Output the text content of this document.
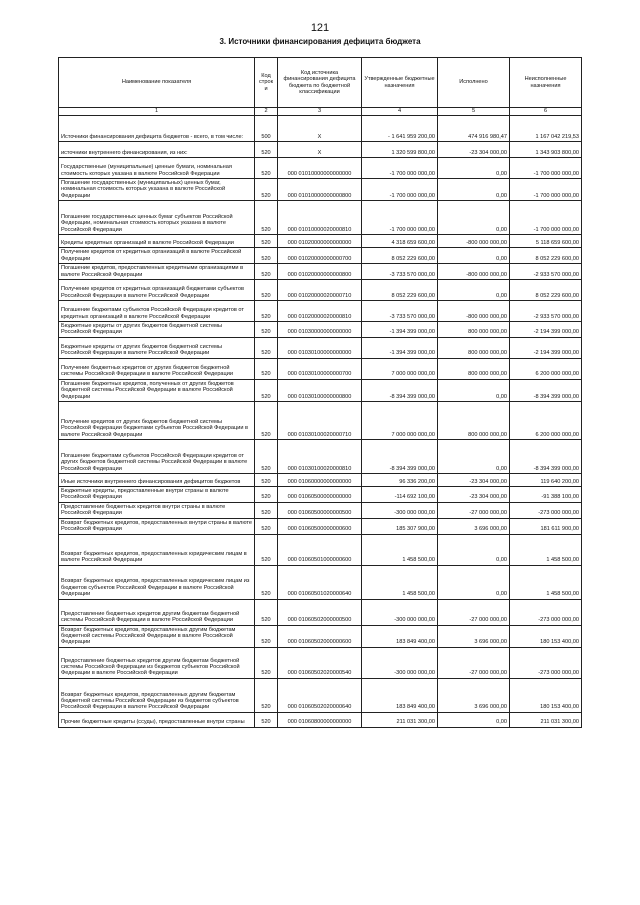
121
3. Источники финансирования дефицита бюджета
Наименование показателя	Код строк и	Код источника финансирования дефицита бюджета по бюджетной классификации	Утвержденные бюджетные назначения	Исполнено	Неисполненные назначения
1	2	3	4	5	6
Источники финансирования дефицита бюджетов - всего, в том числе:	500	X	- 1 641 959 200,00	474 916 980,47	1 167 042 219,53
источники внутреннего финансирования, из них:	520	X	1 320 599 800,00	-23 304 000,00	1 343 903 800,00
Государственные (муниципальные) ценные бумаги, номинальная стоимость которых указана в валюте Российской Федерации	520	000 01010000000000000	-1 700 000 000,00	0,00	-1 700 000 000,00
Погашение государственных (муниципальных) ценных бумаг, номинальная стоимость которых указана в валюте Российской Федерации	520	000 01010000000000800	-1 700 000 000,00	0,00	-1 700 000 000,00
Погашение государственных ценных бумаг субъектов Российской Федерации, номинальная стоимость которых указана в валюте Российской Федерации	520	000 01010000020000810	-1 700 000 000,00	0,00	-1 700 000 000,00
Кредиты кредитных организаций в валюте Российской Федерации	520	000 01020000000000000	4 318 659 600,00	-800 000 000,00	5 118 659 600,00
Получение кредитов от кредитных организаций в валюте Российской Федерации	520	000 01020000000000700	8 052 229 600,00	0,00	8 052 229 600,00
Погашение кредитов, предоставленных кредитными организациями в валюте Российской Федерации	520	000 01020000000000800	-3 733 570 000,00	-800 000 000,00	-2 933 570 000,00
Получение кредитов от кредитных организаций бюджетами субъектов Российской Федерации в валюте Российской Федерации	520	000 01020000020000710	8 052 229 600,00	0,00	8 052 229 600,00
Погашение бюджетами субъектов Российской Федерации кредитов от кредитных организаций в валюте Российской Федерации	520	000 01020000020000810	-3 733 570 000,00	-800 000 000,00	-2 933 570 000,00
Бюджетные кредиты от других бюджетов бюджетной системы Российской Федерации	520	000 01030000000000000	-1 394 399 000,00	800 000 000,00	-2 194 399 000,00
Бюджетные кредиты от других бюджетов бюджетной системы Российской Федерации в валюте Российской Федерации	520	000 01030100000000000	-1 394 399 000,00	800 000 000,00	-2 194 399 000,00
Получение бюджетных кредитов от других бюджетов бюджетной системы Российской Федерации в валюте Российской Федерации	520	000 01030100000000700	7 000 000 000,00	800 000 000,00	6 200 000 000,00
Погашение бюджетных кредитов, полученных от других бюджетов бюджетной системы Российской Федерации в валюте Российской Федерации	520	000 01030100000000800	-8 394 399 000,00	0,00	-8 394 399 000,00
Получение кредитов от других бюджетов бюджетной системы Российской Федерации бюджетами субъектов Российской Федерации в валюте Российской Федерации	520	000 01030100020000710	7 000 000 000,00	800 000 000,00	6 200 000 000,00
Погашение бюджетами субъектов Российской Федерации кредитов от других бюджетов бюджетной системы Российской Федерации в валюте Российской Федерации	520	000 01030100020000810	-8 394 399 000,00	0,00	-8 394 399 000,00
Иные источники внутреннего финансирования дефицитов бюджетов	520	000 01060000000000000	96 336 200,00	-23 304 000,00	119 640 200,00
Бюджетные кредиты, предоставленные внутри страны в валюте Российской Федерации	520	000 01060500000000000	-114 692 100,00	-23 304 000,00	-91 388 100,00
Предоставление бюджетных кредитов внутри страны в валюте Российской Федерации	520	000 01060500000000500	-300 000 000,00	-27 000 000,00	-273 000 000,00
Возврат бюджетных кредитов, предоставленных внутри страны в валюте Российской Федерации	520	000 01060500000000600	185 307 900,00	3 696 000,00	181 611 900,00
Возврат бюджетных кредитов, предоставленных юридическим лицам в валюте Российской Федерации	520	000 01060501000000600	1 458 500,00	0,00	1 458 500,00
Возврат бюджетных кредитов, предоставленных юридическим лицам из бюджетов субъектов Российской Федерации в валюте Российской Федерации	520	000 01060501020000640	1 458 500,00	0,00	1 458 500,00
Предоставление бюджетных кредитов другим бюджетам бюджетной системы Российской Федерации в валюте Российской Федерации	520	000 01060502000000500	-300 000 000,00	-27 000 000,00	-273 000 000,00
Возврат бюджетных кредитов, предоставленных другим бюджетам бюджетной системы Российской Федерации в валюте Российской Федерации	520	000 01060502000000600	183 849 400,00	3 696 000,00	180 153 400,00
Предоставление бюджетных кредитов другим бюджетам бюджетной системы Российской Федерации из бюджетов субъектов Российской Федерации в валюте Российской Федерации	520	000 01060502020000540	-300 000 000,00	-27 000 000,00	-273 000 000,00
Возврат бюджетных кредитов, предоставленных другим бюджетам бюджетной системы Российской Федерации из бюджетов субъектов Российской Федерации в валюте Российской Федерации	520	000 01060502020000640	183 849 400,00	3 696 000,00	180 153 400,00
Прочие бюджетные кредиты (ссуды), предоставленные внутри страны	520	000 01060800000000000	211 031 300,00	0,00	211 031 300,00
